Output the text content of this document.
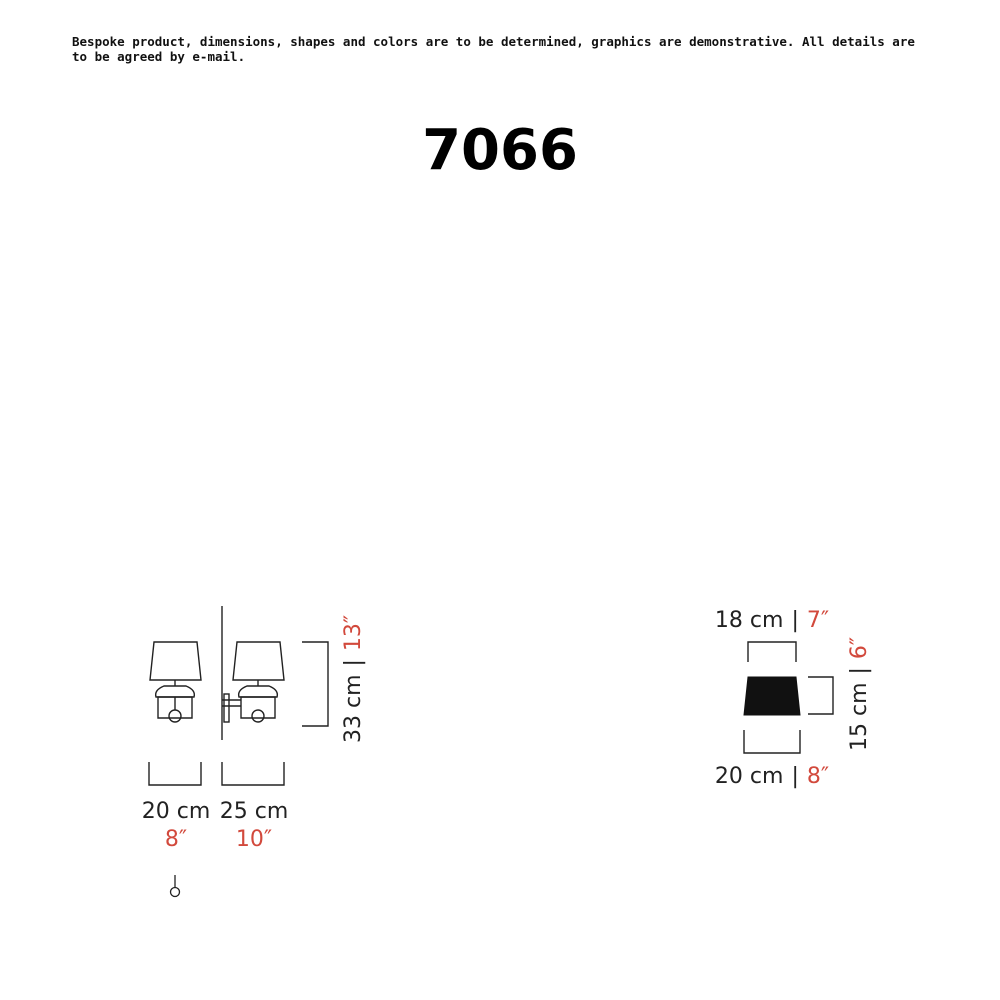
Bespoke product, dimensions, shapes and colors are to be determined, graphics are demonstrative. All details are to be agreed by e-mail.

7066
33 cm | 13″
20 cm
8″
25 cm
10″
18 cm | 7″
15 cm | 6″
20 cm | 8″
